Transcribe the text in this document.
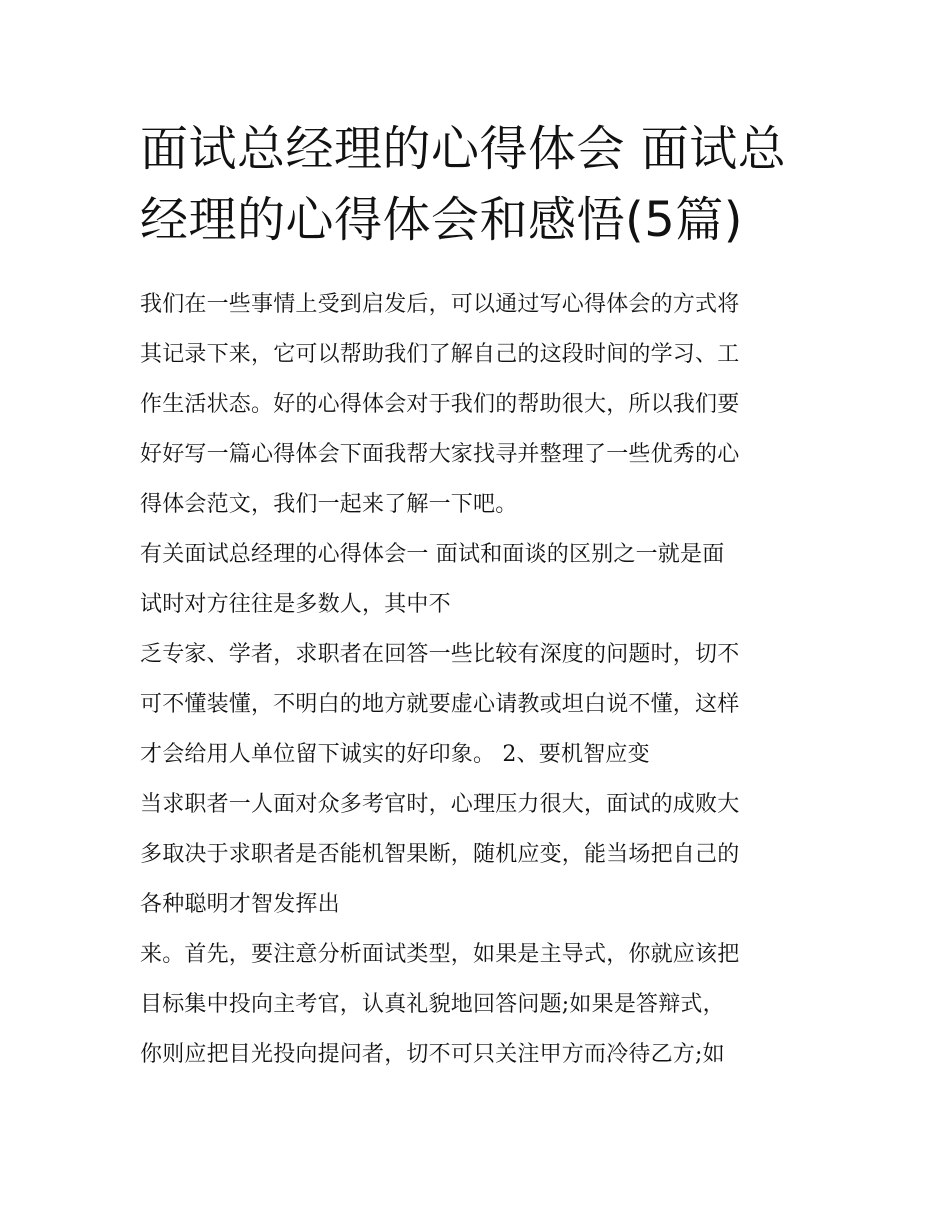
面试总经理的心得体会 面试总
经理的心得体会和感悟(5篇)
我们在一些事情上受到启发后，可以通过写心得体会的方式将
其记录下来，它可以帮助我们了解自己的这段时间的学习、工
作生活状态。好的心得体会对于我们的帮助很大，所以我们要
好好写一篇心得体会下面我帮大家找寻并整理了一些优秀的心
得体会范文，我们一起来了解一下吧。
有关面试总经理的心得体会一 面试和面谈的区别之一就是面
试时对方往往是多数人，其中不
乏专家、学者，求职者在回答一些比较有深度的问题时，切不
可不懂装懂，不明白的地方就要虚心请教或坦白说不懂，这样
才会给用人单位留下诚实的好印象。 2、要机智应变
当求职者一人面对众多考官时，心理压力很大，面试的成败大
多取决于求职者是否能机智果断，随机应变，能当场把自己的
各种聪明才智发挥出
来。首先，要注意分析面试类型，如果是主导式，你就应该把
目标集中投向主考官，认真礼貌地回答问题;如果是答辩式，
你则应把目光投向提问者，切不可只关注甲方而冷待乙方;如
